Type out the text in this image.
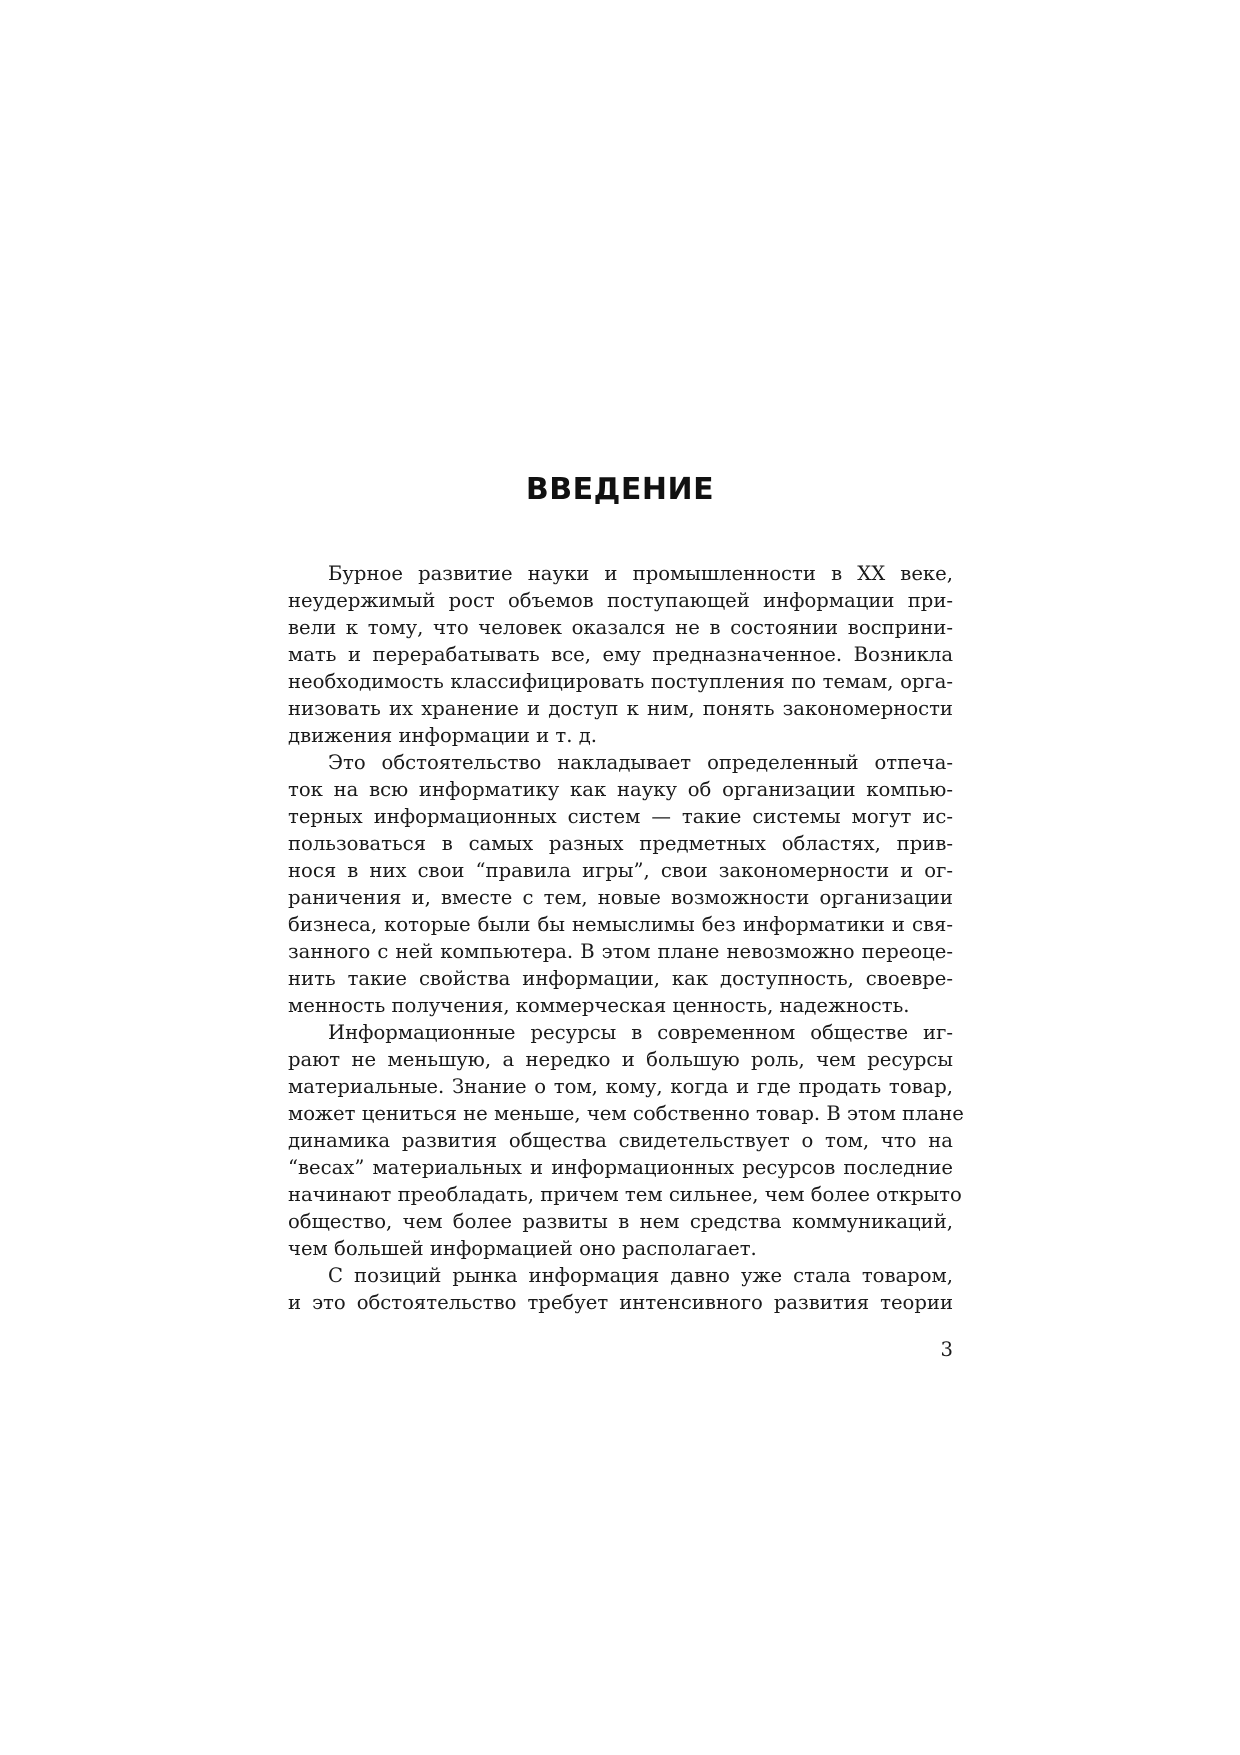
ВВЕДЕНИЕ
Бурное развитие науки и промышленности в XX веке,
неудержимый рост объемов поступающей информации при-
вели к тому, что человек оказался не в состоянии восприни-
мать и перерабатывать все, ему предназначенное. Возникла
необходимость классифицировать поступления по темам, орга-
низовать их хранение и доступ к ним, понять закономерности
движения информации и т. д.
Это обстоятельство накладывает определенный отпеча-
ток на всю информатику как науку об организации компью-
терных информационных систем — такие системы могут ис-
пользоваться в самых разных предметных областях, прив-
нося в них свои “правила игры”, свои закономерности и ог-
раничения и, вместе с тем, новые возможности организации
бизнеса, которые были бы немыслимы без информатики и свя-
занного с ней компьютера. В этом плане невозможно переоце-
нить такие свойства информации, как доступность, своевре-
менность получения, коммерческая ценность, надежность.
Информационные ресурсы в современном обществе иг-
рают не меньшую, а нередко и большую роль, чем ресурсы
материальные. Знание о том, кому, когда и где продать товар,
может цениться не меньше, чем собственно товар. В этом плане
динамика развития общества свидетельствует о том, что на
“весах” материальных и информационных ресурсов последние
начинают преобладать, причем тем сильнее, чем более открыто
общество, чем более развиты в нем средства коммуникаций,
чем большей информацией оно располагает.
С позиций рынка информация давно уже стала товаром,
и это обстоятельство требует интенсивного развития теории
3
